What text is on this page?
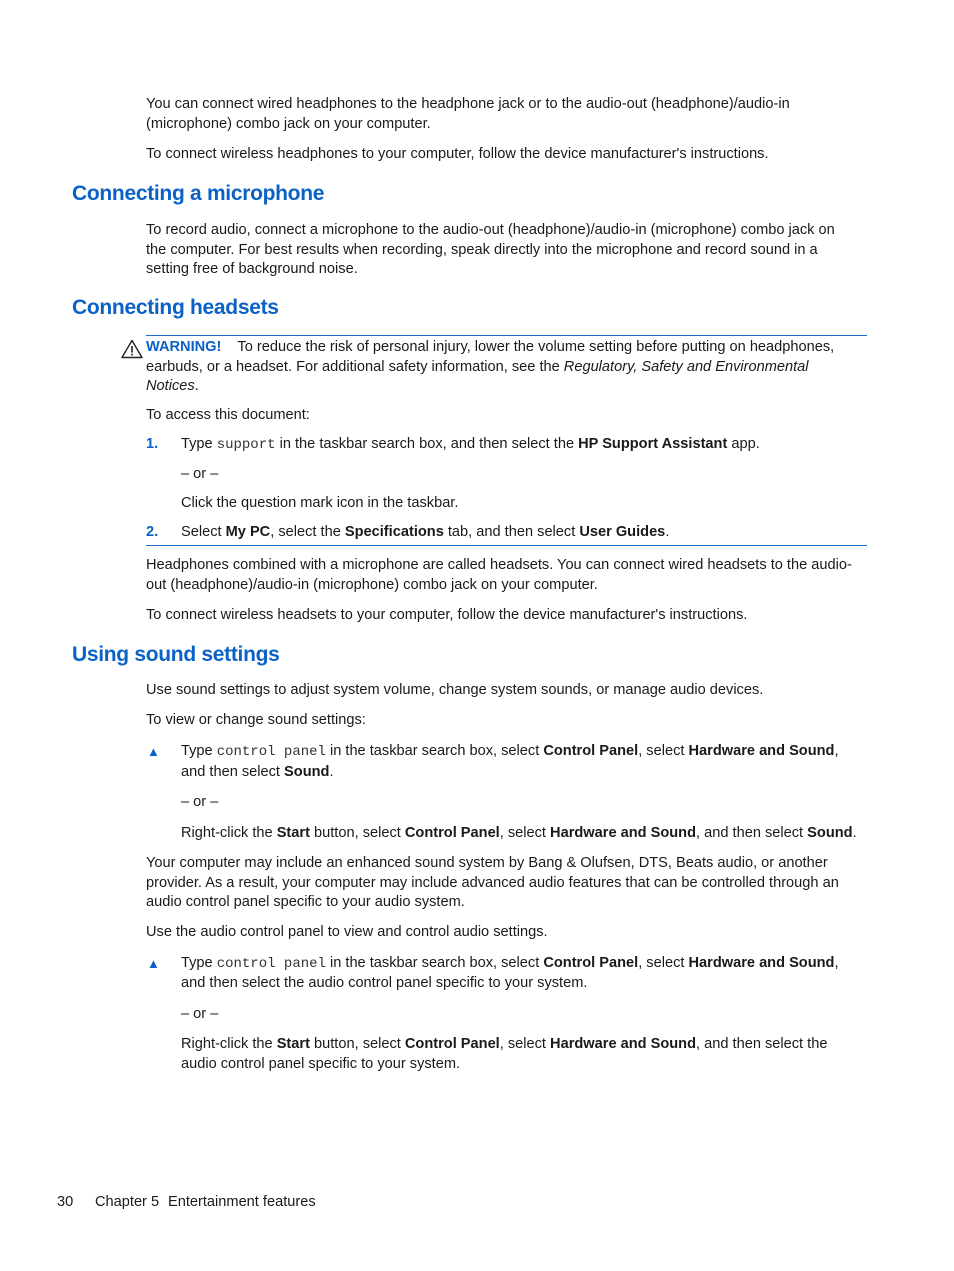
You can connect wired headphones to the headphone jack or to the audio-out (headphone)/audio-in (microphone) combo jack on your computer.

To connect wireless headphones to your computer, follow the device manufacturer's instructions.

Connecting a microphone

To record audio, connect a microphone to the audio-out (headphone)/audio-in (microphone) combo jack on the computer. For best results when recording, speak directly into the microphone and record sound in a setting free of background noise.

Connecting headsets
WARNING! To reduce the risk of personal injury, lower the volume setting before putting on headphones, earbuds, or a headset. For additional safety information, see the Regulatory, Safety and Environmental Notices.

To access this document:

1. Type support in the taskbar search box, and then select the HP Support Assistant app.
– or –
Click the question mark icon in the taskbar.
2. Select My PC, select the Specifications tab, and then select User Guides.

Headphones combined with a microphone are called headsets. You can connect wired headsets to the audio-out (headphone)/audio-in (microphone) combo jack on your computer.

To connect wireless headsets to your computer, follow the device manufacturer's instructions.

Using sound settings

Use sound settings to adjust system volume, change system sounds, or manage audio devices.

To view or change sound settings:

▲ Type control panel in the taskbar search box, select Control Panel, select Hardware and Sound,
and then select Sound.
– or –
Right-click the Start button, select Control Panel, select Hardware and Sound, and then select Sound.

Your computer may include an enhanced sound system by Bang & Olufsen, DTS, Beats audio, or another provider. As a result, your computer may include advanced audio features that can be controlled through an audio control panel specific to your audio system.

Use the audio control panel to view and control audio settings.

▲ Type control panel in the taskbar search box, select Control Panel, select Hardware and Sound,
and then select the audio control panel specific to your system.
– or –
Right-click the Start button, select Control Panel, select Hardware and Sound, and then select the
audio control panel specific to your system.
30 Chapter 5 Entertainment features
